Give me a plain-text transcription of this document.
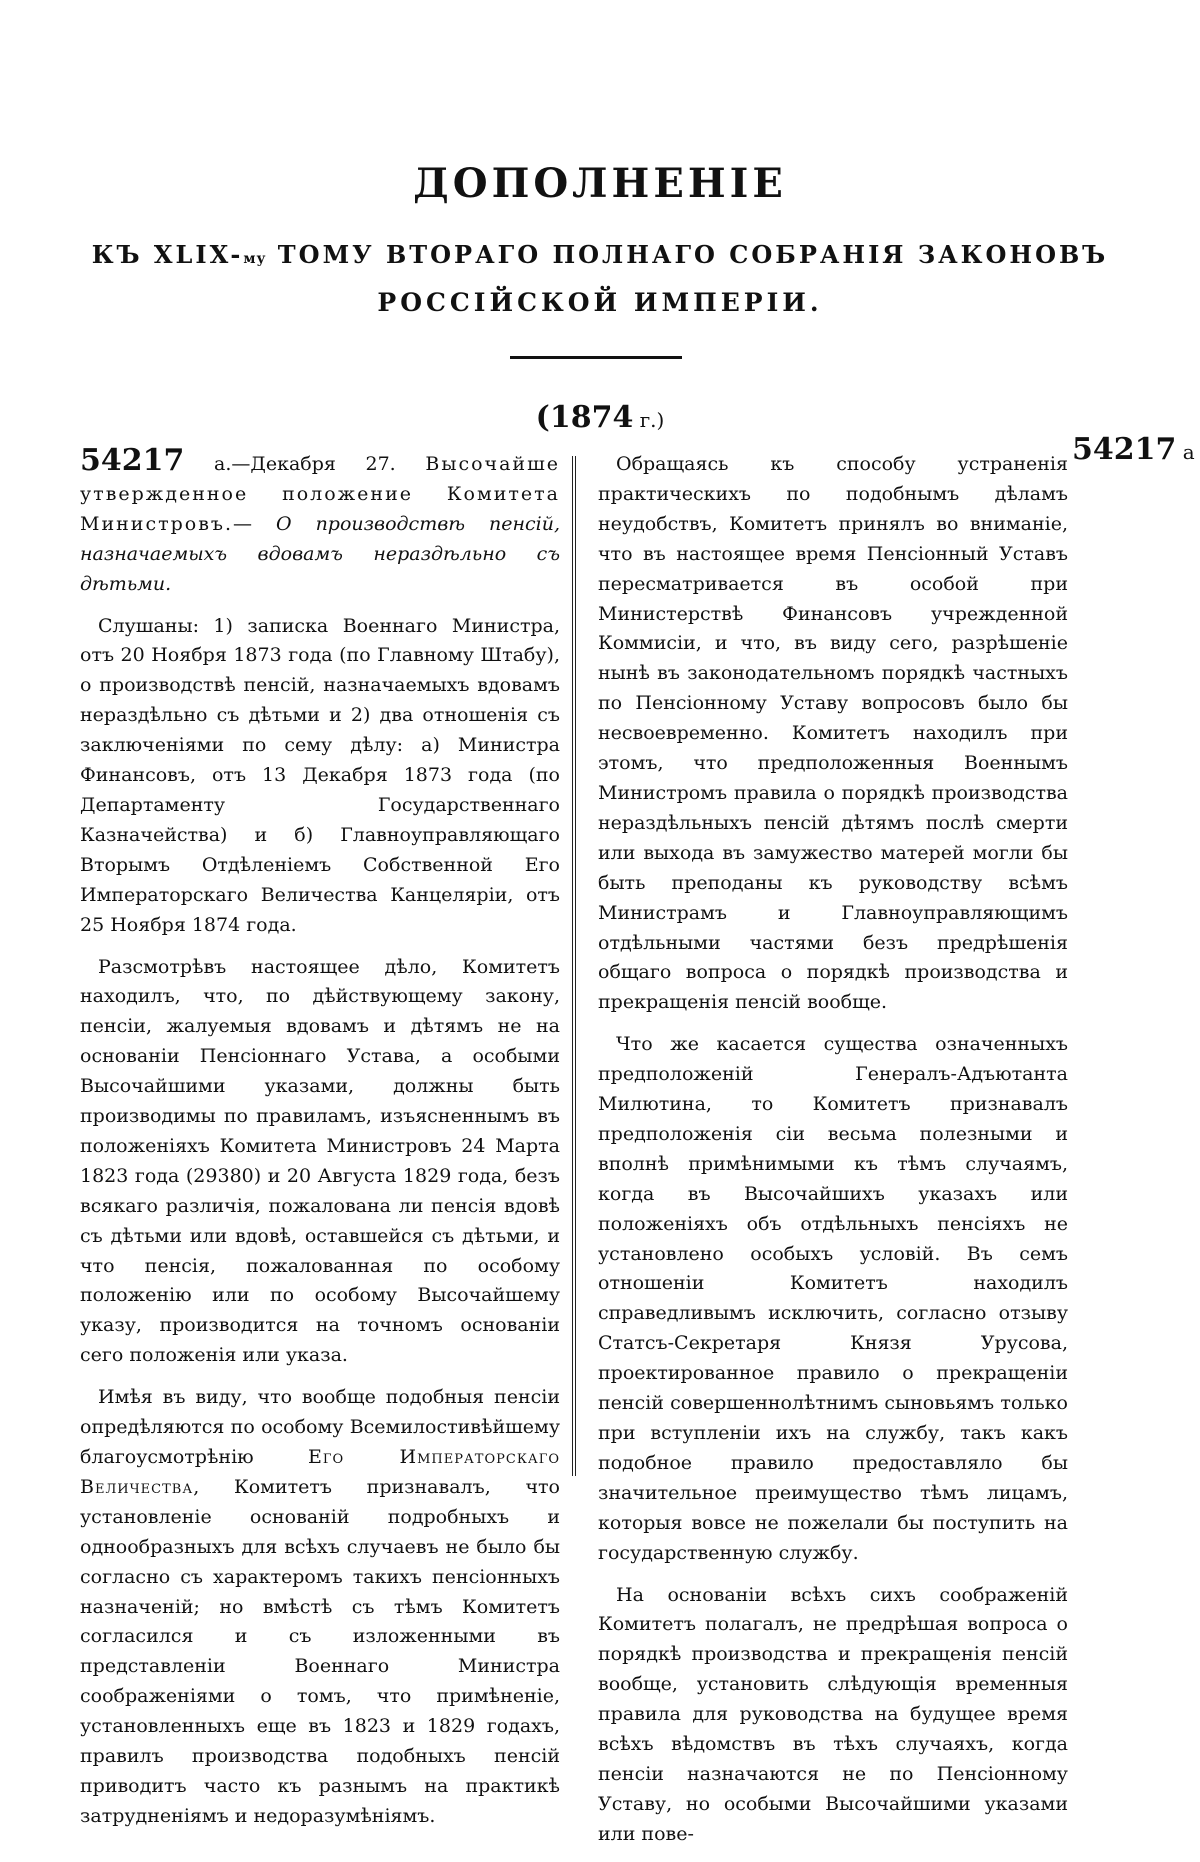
ДОПОЛНЕНІЕ
КЪ XLIX-му ТОМУ ВТОРАГО ПОЛНАГО СОБРАНІЯ ЗАКОНОВЪ
РОССІЙСКОЙ ИМПЕРІИ.
(1874 г.)
54217 a

54217 а.—Декабря 27. Высочайше утвержденное положение Комитета Министровъ.— О производствѣ пенсій, назначаемыхъ вдовамъ нераздѣльно съ дѣтьми.

Слушаны: 1) записка Военнаго Министра, отъ 20 Ноября 1873 года (по Главному Штабу), о производствѣ пенсій, назначаемыхъ вдовамъ нераздѣльно съ дѣтьми и 2) два отношенія съ заключеніями по сему дѣлу: а) Министра Финансовъ, отъ 13 Декабря 1873 года (по Департаменту Государственнаго Казначейства) и б) Главноуправляющаго Вторымъ Отдѣленіемъ Собственной Его Императорскаго Величества Канцеляріи, отъ 25 Ноября 1874 года.

Разсмотрѣвъ настоящее дѣло, Комитетъ находилъ, что, по дѣйствующему закону, пенсіи, жалуемыя вдовамъ и дѣтямъ не на основаніи Пенсіоннаго Устава, а особыми Высочайшими указами, должны быть производимы по правиламъ, изъясненнымъ въ положеніяхъ Комитета Министровъ 24 Марта 1823 года (29380) и 20 Августа 1829 года, безъ всякаго различія, пожалована ли пенсія вдовѣ съ дѣтьми или вдовѣ, оставшейся съ дѣтьми, и что пенсія, пожалованная по особому положенію или по особому Высочайшему указу, производится на точномъ основаніи сего положенія или указа.

Имѣя въ виду, что вообще подобныя пенсіи опредѣляются по особому Всемилостивѣйшему благоусмотрѣнію Его Императорскаго Величества, Комитетъ признавалъ, что установленіе основаній подробныхъ и однообразныхъ для всѣхъ случаевъ не было бы согласно съ характеромъ такихъ пенсіонныхъ назначеній; но вмѣстѣ съ тѣмъ Комитетъ согласился и съ изложенными въ представленіи Военнаго Министра соображеніями о томъ, что примѣненіе, установленныхъ еще въ 1823 и 1829 годахъ, правилъ производства подобныхъ пенсій приводитъ часто къ разнымъ на практикѣ затрудненіямъ и недоразумѣніямъ.

Обращаясь къ способу устраненія практическихъ по подобнымъ дѣламъ неудобствъ, Комитетъ принялъ во вниманіе, что въ настоящее время Пенсіонный Уставъ пересматривается въ особой при Министерствѣ Финансовъ учрежденной Коммисіи, и что, въ виду сего, разрѣшеніе нынѣ въ законодательномъ порядкѣ частныхъ по Пенсіонному Уставу вопросовъ было бы несвоевременно. Комитетъ находилъ при этомъ, что предположенныя Военнымъ Министромъ правила о порядкѣ производства нераздѣльныхъ пенсій дѣтямъ послѣ смерти или выхода въ замужество матерей могли бы быть преподаны къ руководству всѣмъ Министрамъ и Главноуправляющимъ отдѣльными частями безъ предрѣшенія общаго вопроса о порядкѣ производства и прекращенія пенсій вообще.

Что же касается существа означенныхъ предположеній Генералъ-Адъютанта Милютина, то Комитетъ признавалъ предположенія сіи весьма полезными и вполнѣ примѣнимыми къ тѣмъ случаямъ, когда въ Высочайшихъ указахъ или положеніяхъ объ отдѣльныхъ пенсіяхъ не установлено особыхъ условій. Въ семъ отношеніи Комитетъ находилъ справедливымъ исключить, согласно отзыву Статсъ-Секретаря Князя Урусова, проектированное правило о прекращеніи пенсій совершеннолѣтнимъ сыновьямъ только при вступленіи ихъ на службу, такъ какъ подобное правило предоставляло бы значительное преимущество тѣмъ лицамъ, которыя вовсе не пожелали бы поступить на государственную службу.

На основаніи всѣхъ сихъ соображеній Комитетъ полагалъ, не предрѣшая вопроса о порядкѣ производства и прекращенія пенсій вообще, установить слѣдующія временныя правила для руководства на будущее время всѣхъ вѣдомствъ въ тѣхъ случаяхъ, когда пенсіи назначаются не по Пенсіонному Уставу, но особыми Высочайшими указами или пове-
